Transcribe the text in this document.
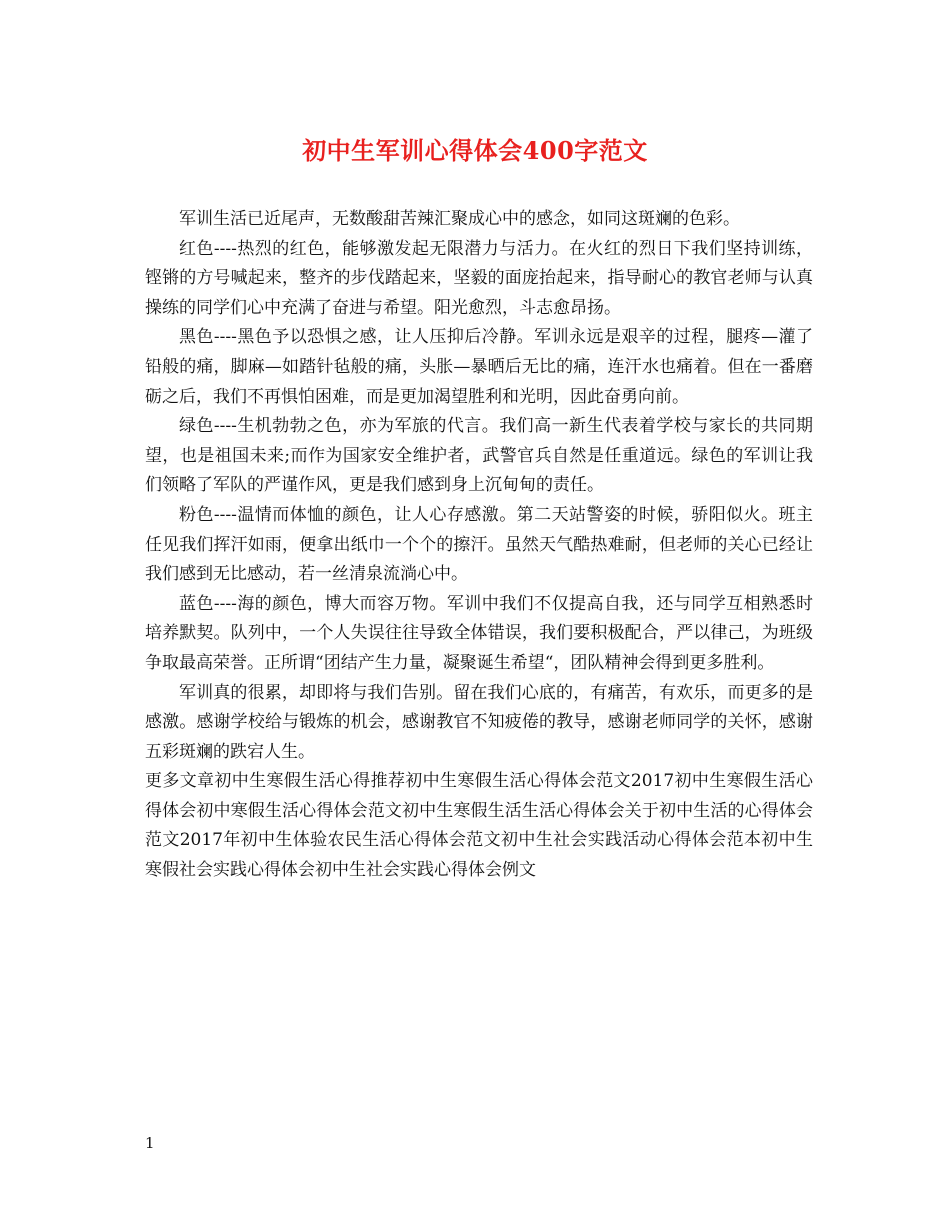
初中生军训心得体会400字范文

军训生活已近尾声，无数酸甜苦辣汇聚成心中的感念，如同这斑斓的色彩。

红色----热烈的红色，能够激发起无限潜力与活力。在火红的烈日下我们坚持训练，铿锵的方号喊起来，整齐的步伐踏起来，坚毅的面庞抬起来，指导耐心的教官老师与认真操练的同学们心中充满了奋进与希望。阳光愈烈，斗志愈昂扬。

黑色----黑色予以恐惧之感，让人压抑后冷静。军训永远是艰辛的过程，腿疼—灌了铅般的痛，脚麻—如踏针毡般的痛，头胀—暴晒后无比的痛，连汗水也痛着。但在一番磨砺之后，我们不再惧怕困难，而是更加渴望胜利和光明，因此奋勇向前。

绿色----生机勃勃之色，亦为军旅的代言。我们高一新生代表着学校与家长的共同期望，也是祖国未来;而作为国家安全维护者，武警官兵自然是任重道远。绿色的军训让我们领略了军队的严谨作风，更是我们感到身上沉甸甸的责任。

粉色----温情而体恤的颜色，让人心存感激。第二天站警姿的时候，骄阳似火。班主任见我们挥汗如雨，便拿出纸巾一个个的擦汗。虽然天气酷热难耐，但老师的关心已经让我们感到无比感动，若一丝清泉流淌心中。

蓝色----海的颜色，博大而容万物。军训中我们不仅提高自我，还与同学互相熟悉时培养默契。队列中，一个人失误往往导致全体错误，我们要积极配合，严以律己，为班级争取最高荣誉。正所谓“团结产生力量，凝聚诞生希望“，团队精神会得到更多胜利。

军训真的很累，却即将与我们告别。留在我们心底的，有痛苦，有欢乐，而更多的是感激。感谢学校给与锻炼的机会，感谢教官不知疲倦的教导，感谢老师同学的关怀，感谢五彩斑斓的跌宕人生。

更多文章初中生寒假生活心得推荐初中生寒假生活心得体会范文2017初中生寒假生活心得体会初中寒假生活心得体会范文初中生寒假生活生活心得体会关于初中生活的心得体会范文2017年初中生体验农民生活心得体会范文初中生社会实践活动心得体会范本初中生寒假社会实践心得体会初中生社会实践心得体会例文

1
